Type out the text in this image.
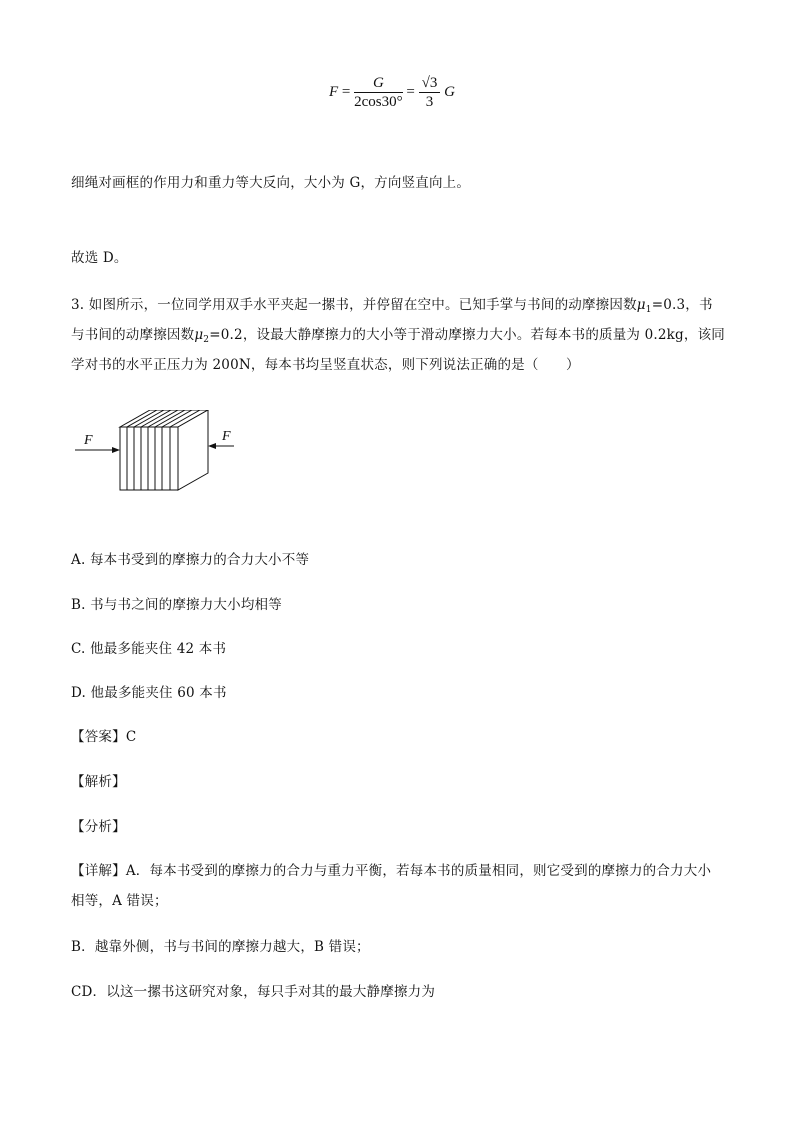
$F = \frac{G}{2\cos 30^\circ} = \frac{√3}{3}$ G
细绳对画框的作用力和重力等大反向，大小为 G，方向竖直向上。
故选 D。
3. 如图所示，一位同学用双手水平夹起一摞书，并停留在空中。已知手掌与书间的动摩擦因数$\mu_1=0.3$，书
与书间的动摩擦因数$\mu_2=0.2$，设最大静摩擦力的大小等于滑动摩擦力大小。若每本书的质量为 0.2kg，该同
学对书的水平正压力为 200N，每本书均呈竖直状态，则下列说法正确的是（　　）
F	F
A. 每本书受到的摩擦力的合力大小不等
B. 书与书之间的摩擦力大小均相等
C. 他最多能夹住 42 本书
D. 他最多能夹住 60 本书
【答案】C
【解析】
【分析】
【详解】A．每本书受到的摩擦力的合力与重力平衡，若每本书的质量相同，则它受到的摩擦力的合力大小
相等，A 错误；
B．越靠外侧，书与书间的摩擦力越大，B 错误；
CD．以这一摞书这研究对象，每只手对其的最大静摩擦力为
